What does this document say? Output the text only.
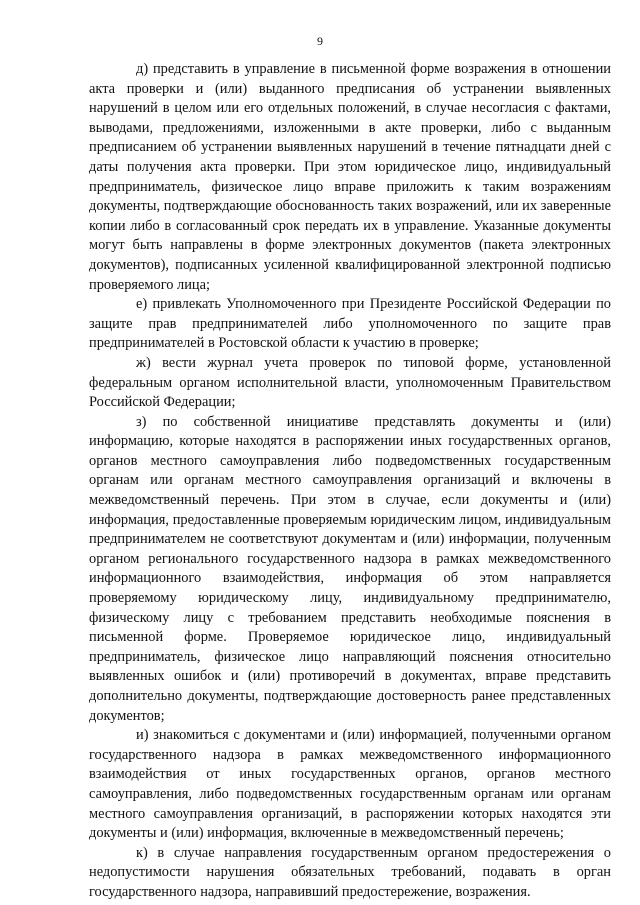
9

д) представить в управление в письменной форме возражения в отношении акта проверки и (или) выданного предписания об устранении выявленных нарушений в целом или его отдельных положений, в случае несогласия с фактами, выводами, предложениями, изложенными в акте проверки, либо с выданным предписанием об устранении выявленных нарушений в течение пятнадцати дней с даты получения акта проверки. При этом юридическое лицо, индивидуальный предприниматель, физическое лицо вправе приложить к таким возражениям документы, подтверждающие обоснованность таких возражений, или их заверенные копии либо в согласованный срок передать их в управление. Указанные документы могут быть направлены в форме электронных документов (пакета электронных документов), подписанных усиленной квалифицированной электронной подписью проверяемого лица;

е) привлекать Уполномоченного при Президенте Российской Федерации по защите прав предпринимателей либо уполномоченного по защите прав предпринимателей в Ростовской области к участию в проверке;

ж) вести журнал учета проверок по типовой форме, установленной федеральным органом исполнительной власти, уполномоченным Правительством Российской Федерации;

з) по собственной инициативе представлять документы и (или) информацию, которые находятся в распоряжении иных государственных органов, органов местного самоуправления либо подведомственных государственным органам или органам местного самоуправления организаций и включены в межведомственный перечень. При этом в случае, если документы и (или) информация, предоставленные проверяемым юридическим лицом, индивидуальным предпринимателем не соответствуют документам и (или) информации, полученным органом регионального государственного надзора в рамках межведомственного информационного взаимодействия, информация об этом направляется проверяемому юридическому лицу, индивидуальному предпринимателю, физическому лицу с требованием представить необходимые пояснения в письменной форме. Проверяемое юридическое лицо, индивидуальный предприниматель, физическое лицо направляющий пояснения относительно выявленных ошибок и (или) противоречий в документах, вправе представить дополнительно документы, подтверждающие достоверность ранее представленных документов;

и) знакомиться с документами и (или) информацией, полученными органом государственного надзора в рамках межведомственного информационного взаимодействия от иных государственных органов, органов местного самоуправления, либо подведомственных государственным органам или органам местного самоуправления организаций, в распоряжении которых находятся эти документы и (или) информация, включенные в межведомственный перечень;

к) в случае направления государственным органом предостережения о недопустимости нарушения обязательных требований, подавать в орган государственного надзора, направивший предостережение, возражения.
